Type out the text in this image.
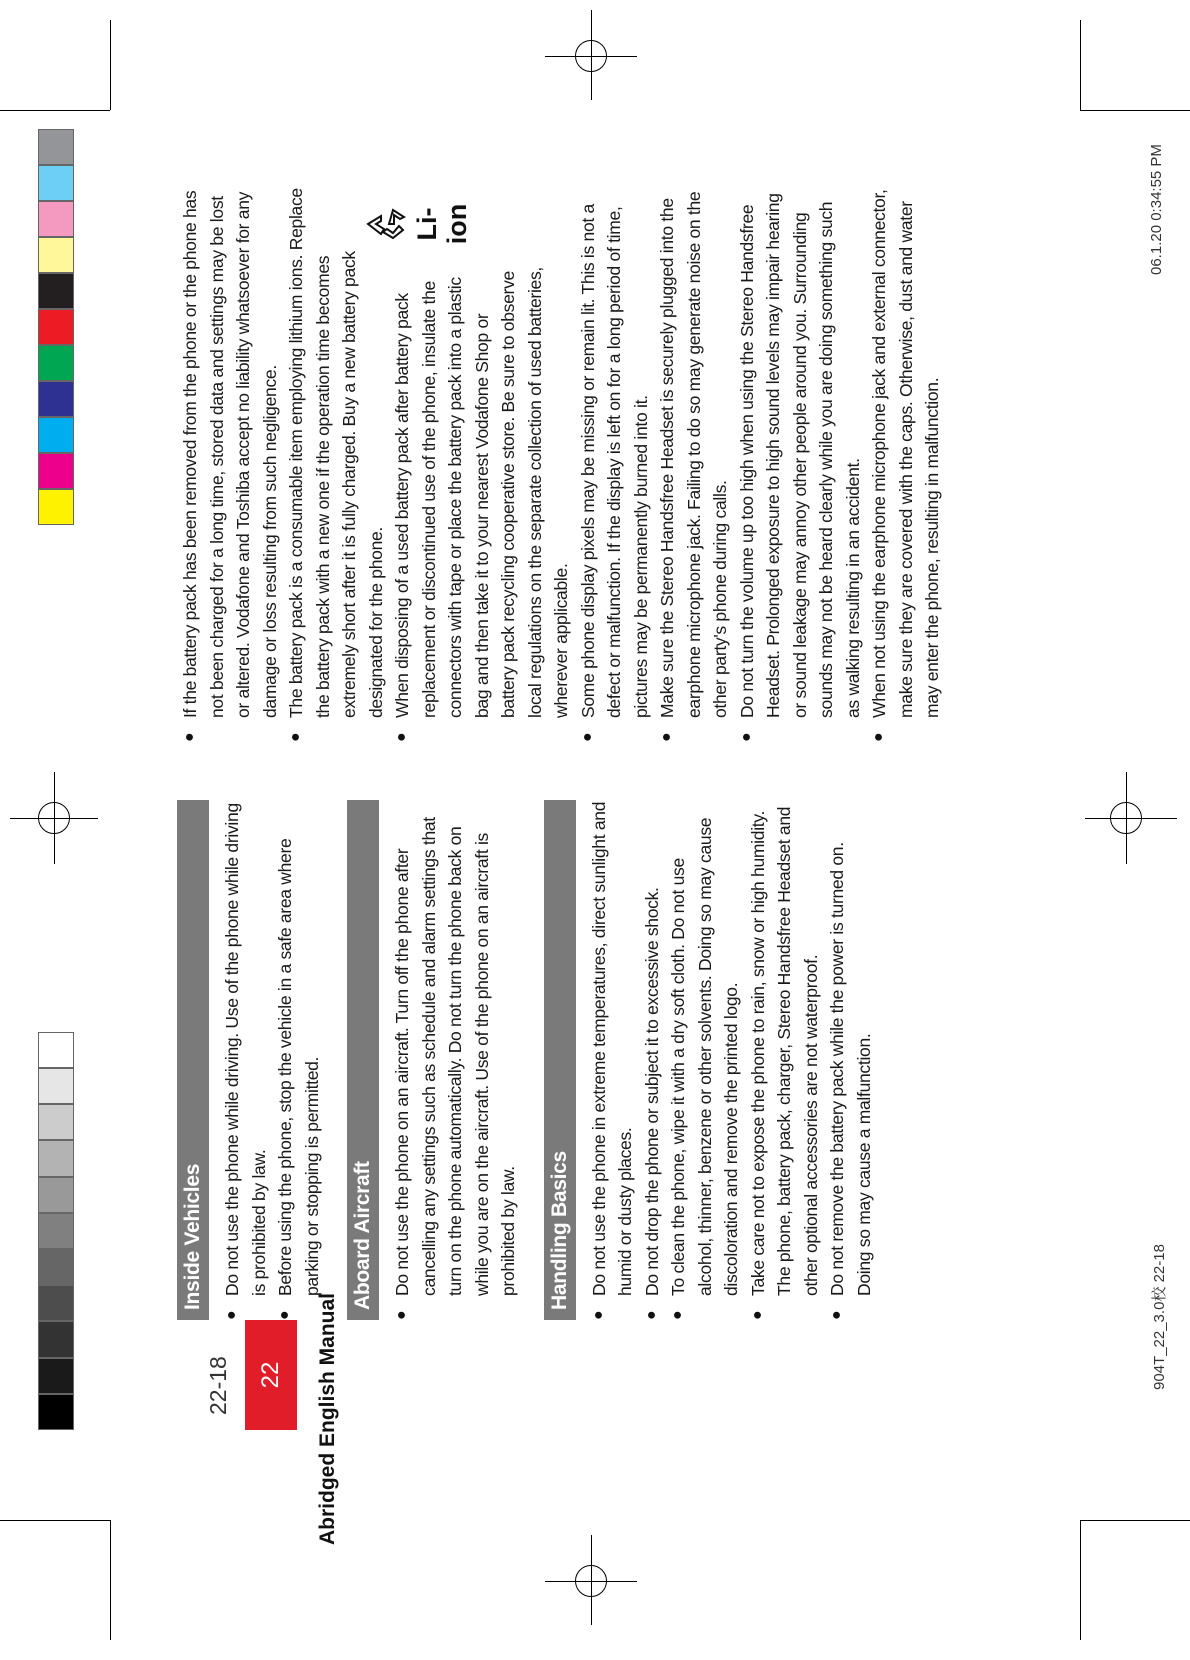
22	Abridged English Manual
Inside Vehicles ● Do not use the phone while driving. Use of the phone while driving is prohibited by law. ● Before using the phone, stop the vehicle in a safe area where parking or stopping is permitted. Aboard Aircraft ● Do not use the phone on an aircraft. Turn off the phone after cancelling any settings such as schedule and alarm settings that turn on the phone automatically. Do not turn the phone back on while you are on the aircraft. Use of the phone on an aircraft is prohibited by law. Handling Basics ● Do not use the phone in extreme temperatures, direct sunlight and humid or dusty places. ● Do not drop the phone or subject it to excessive shock. ● To clean the phone, wipe it with a dry soft cloth. Do not use alcohol, thinner, benzene or other solvents. Doing so may cause discoloration and remove the printed logo. ● Take care not to expose the phone to rain, snow or high humidity. The phone, battery pack, charger, Stereo Handsfree Headset and other optional accessories are not waterproof. ● Do not remove the battery pack while the power is turned on. Doing so may cause a malfunction.
● If the battery pack has been removed from the phone or the phone has not been charged for a long time, stored data and settings may be lost or altered. Vodafone and Toshiba accept no liability whatsoever for any damage or loss resulting from such negligence. ● The battery pack is a consumable item employing lithium ions. Replace the battery pack with a new one if the operation time becomes extremely short after it is fully charged. Buy a new battery pack designated for the phone. ● When disposing of a used battery pack after battery pack replacement or discontinued use of the phone, insulate the connectors with tape or place the battery pack into a plastic bag and then take it to your nearest Vodafone Shop or battery pack recycling cooperative store. Be sure to observe local regulations on the separate collection of used batteries, wherever applicable. ● Some phone display pixels may be missing or remain lit. This is not a defect or malfunction. If the display is left on for a long period of time, pictures may be permanently burned into it. ● Make sure the Stereo Handsfree Headset is securely plugged into the earphone microphone jack. Failing to do so may generate noise on the other party's phone during calls. ● Do not turn the volume up too high when using the Stereo Handsfree Headset. Prolonged exposure to high sound levels may impair hearing or sound leakage may annoy other people around you. Surrounding sounds may not be heard clearly while you are doing something such as walking resulting in an accident. ● When not using the earphone microphone jack and external connector, make sure they are covered with the caps. Otherwise, dust and water may enter the phone, resulting in malfunction.
Li-ion
22-18	904T_22_3.0校 22-18
06.1.20 0:34:55 PM
